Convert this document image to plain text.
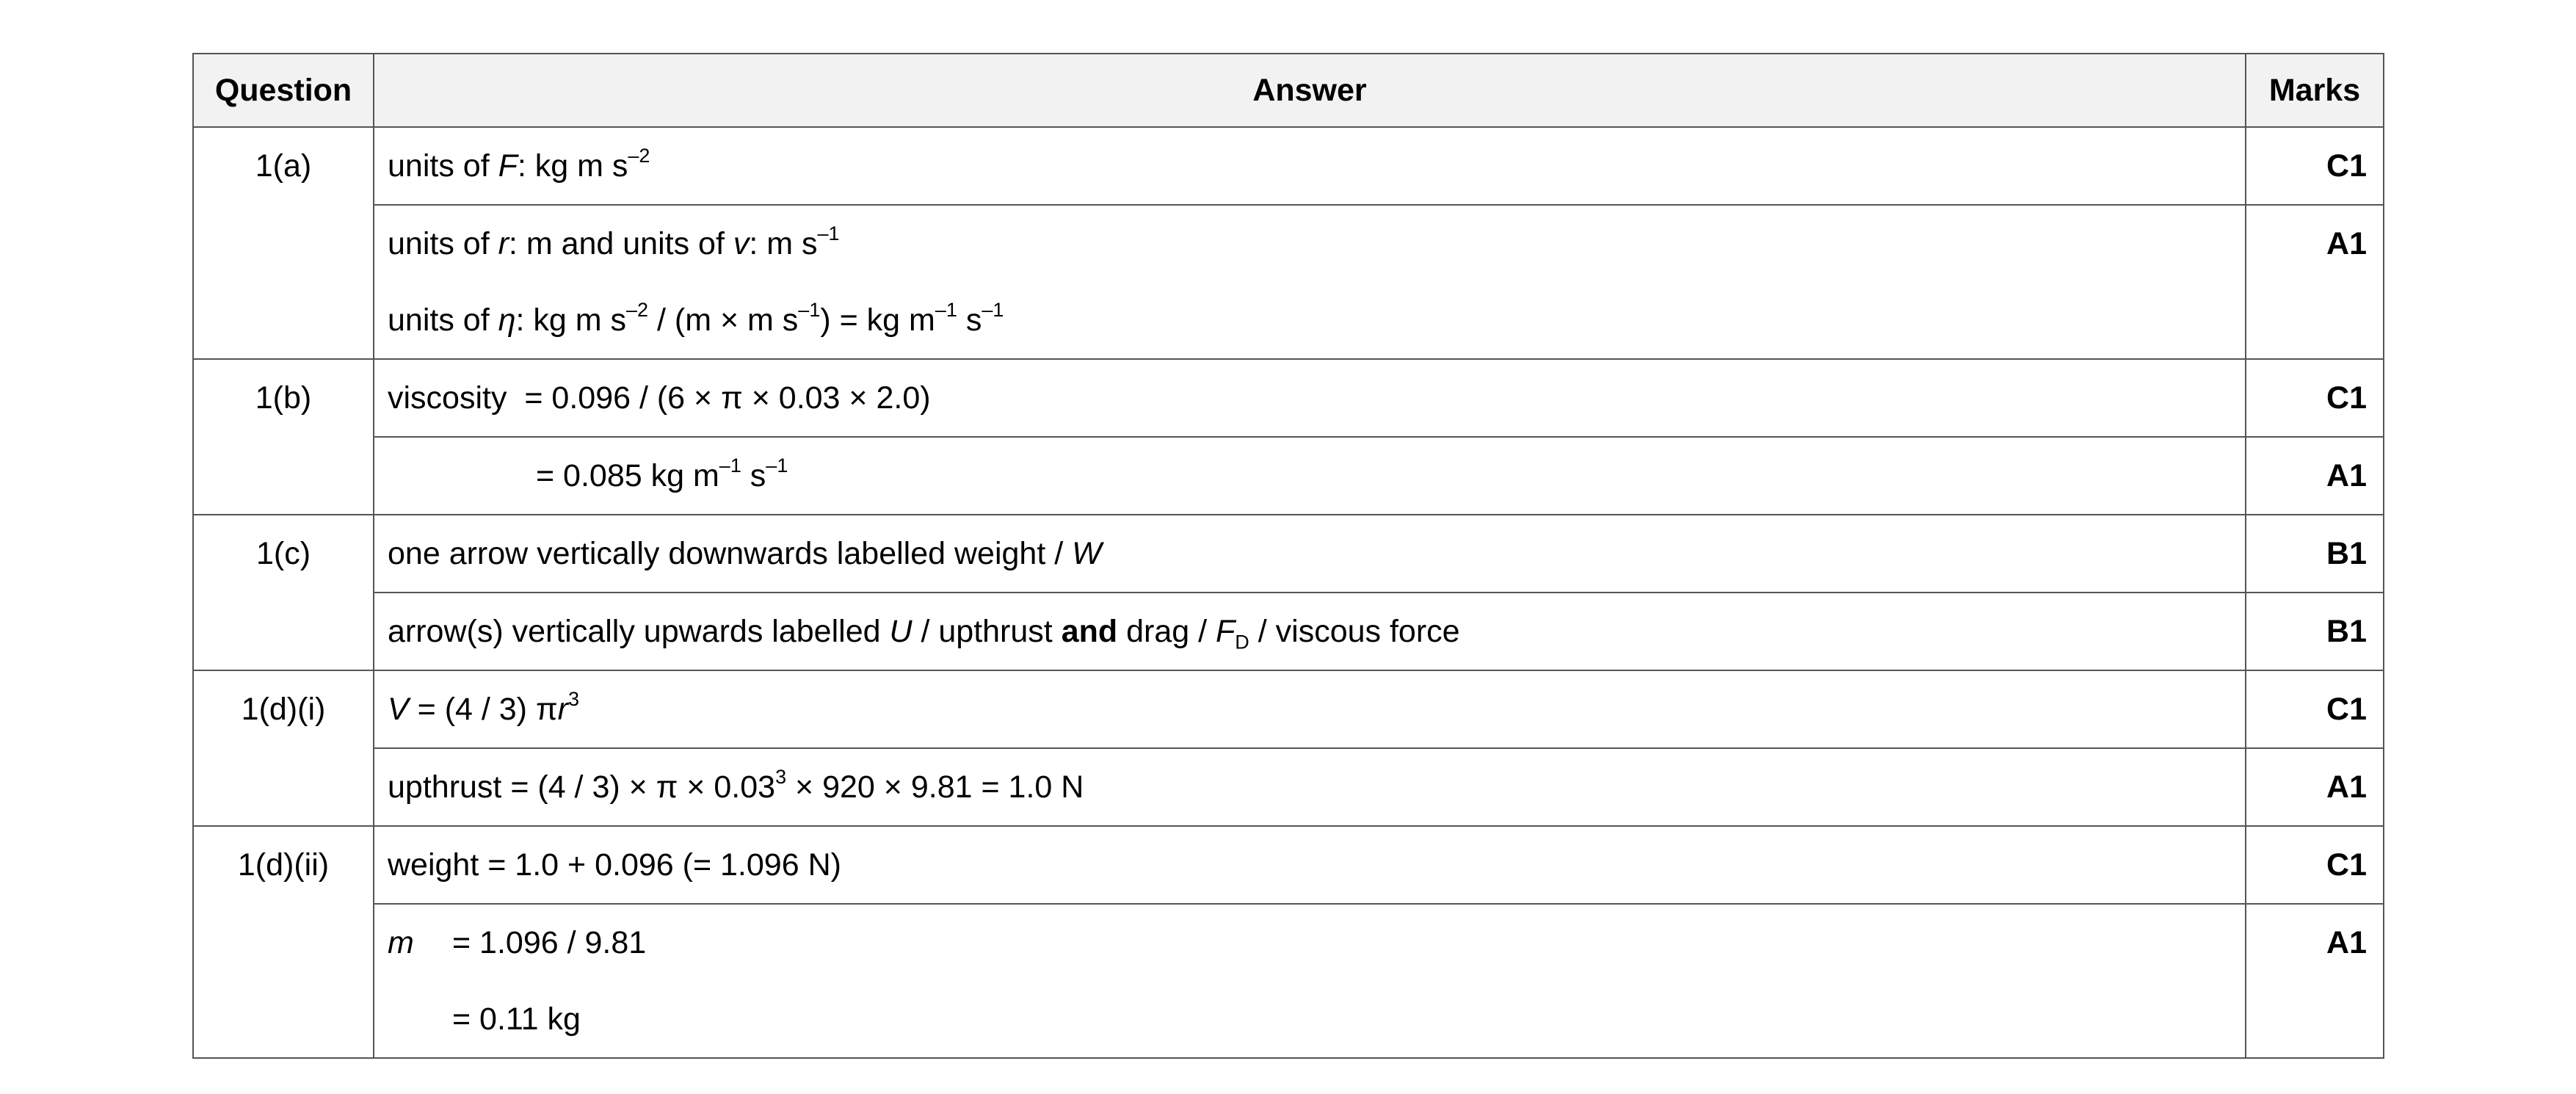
Question	Answer	Marks
1(a)	units of F: kg m $s^{-2}$	C1

	units of r: m and units of v: m $s^{-1}$
units of η: kg m $s^{-2} / (m \times m$ $s^{-1}$) = kg $m^{-1}$ $s^{-1}$	A1
1(b)	viscosity  = 0.096 / (6 × π × 0.03 × 2.0)	C1

	= 0.085 kg $m^{-1}$ $s^{-1}$	A1
1(c)	one arrow vertically downwards labelled weight / W	B1

	arrow(s) vertically upwards labelled U / upthrust and drag / $F_D$ / viscous force	B1
1(d)(i)	V = (4 / 3) $\pi r^3$	C1

	upthrust = $(4 / 3) \times \pi \times 0.03^3 \times 920 \times 9.81 = 1.0$ N	A1
1(d)(ii)	weight = 1.0 + 0.096 (= 1.096 N)	C1

	m = 1.096 / 9.81
= 0.11 kg	A1
